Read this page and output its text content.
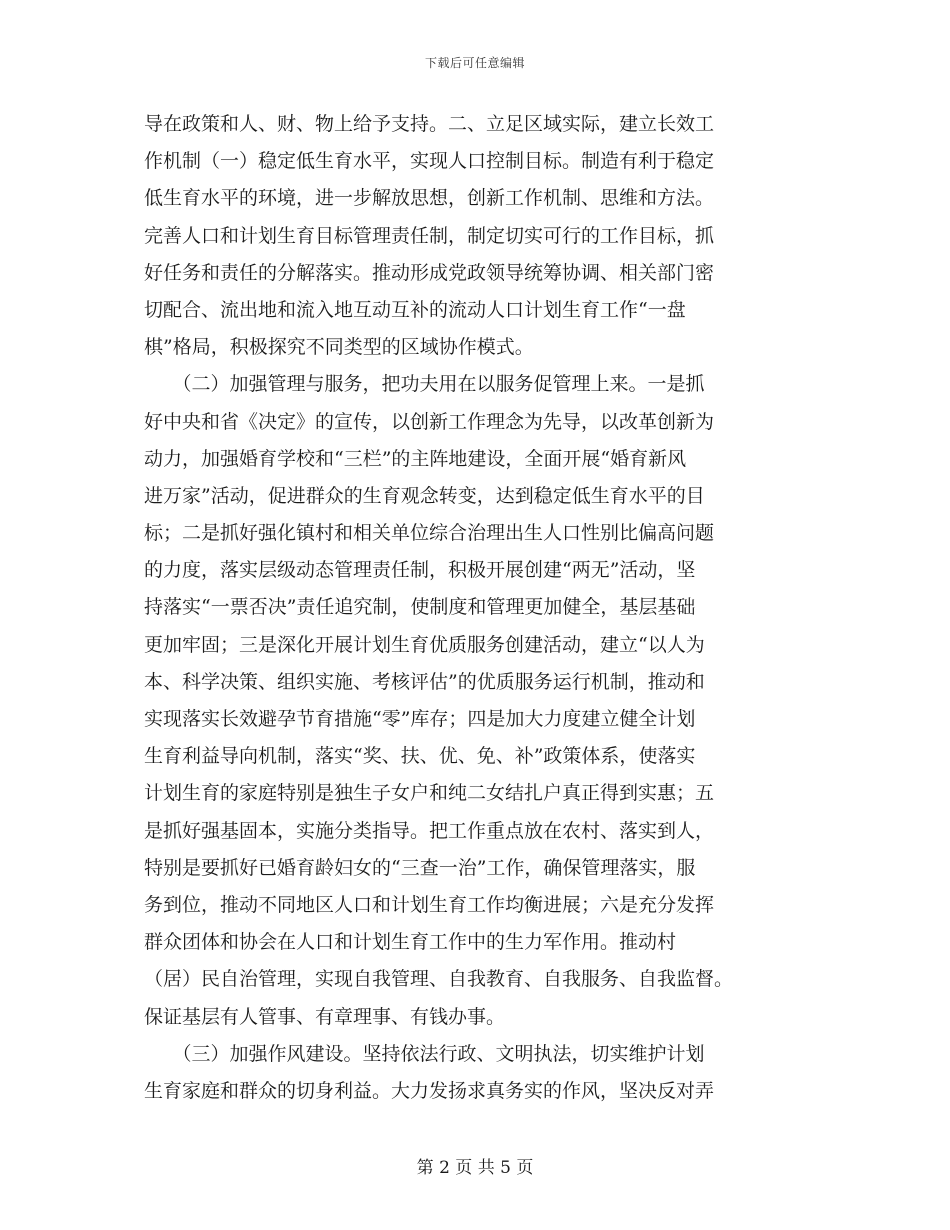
下载后可任意编辑
导在政策和人、财、物上给予支持。二、立足区域实际，建立长效工
作机制（一）稳定低生育水平，实现人口控制目标。制造有利于稳定
低生育水平的环境，进一步解放思想，创新工作机制、思维和方法。
完善人口和计划生育目标管理责任制，制定切实可行的工作目标，抓
好任务和责任的分解落实。推动形成党政领导统筹协调、相关部门密
切配合、流出地和流入地互动互补的流动人口计划生育工作“一盘
棋”格局，积极探究不同类型的区域协作模式。
　　（二）加强管理与服务，把功夫用在以服务促管理上来。一是抓
好中央和省《决定》的宣传，以创新工作理念为先导，以改革创新为
动力，加强婚育学校和“三栏”的主阵地建设，全面开展“婚育新风
进万家”活动，促进群众的生育观念转变，达到稳定低生育水平的目
标；二是抓好强化镇村和相关单位综合治理出生人口性别比偏高问题
的力度，落实层级动态管理责任制，积极开展创建“两无”活动，坚
持落实“一票否决”责任追究制，使制度和管理更加健全，基层基础
更加牢固；三是深化开展计划生育优质服务创建活动，建立“以人为
本、科学决策、组织实施、考核评估”的优质服务运行机制，推动和
实现落实长效避孕节育措施“零”库存；四是加大力度建立健全计划
生育利益导向机制，落实“奖、扶、优、免、补”政策体系，使落实
计划生育的家庭特别是独生子女户和纯二女结扎户真正得到实惠；五
是抓好强基固本，实施分类指导。把工作重点放在农村、落实到人，
特别是要抓好已婚育龄妇女的“三查一治”工作，确保管理落实，服
务到位，推动不同地区人口和计划生育工作均衡进展；六是充分发挥
群众团体和协会在人口和计划生育工作中的生力军作用。推动村
（居）民自治管理，实现自我管理、自我教育、自我服务、自我监督。
保证基层有人管事、有章理事、有钱办事。
　　（三）加强作风建设。坚持依法行政、文明执法，切实维护计划
生育家庭和群众的切身利益。大力发扬求真务实的作风，坚决反对弄
第 2 页 共 5 页
